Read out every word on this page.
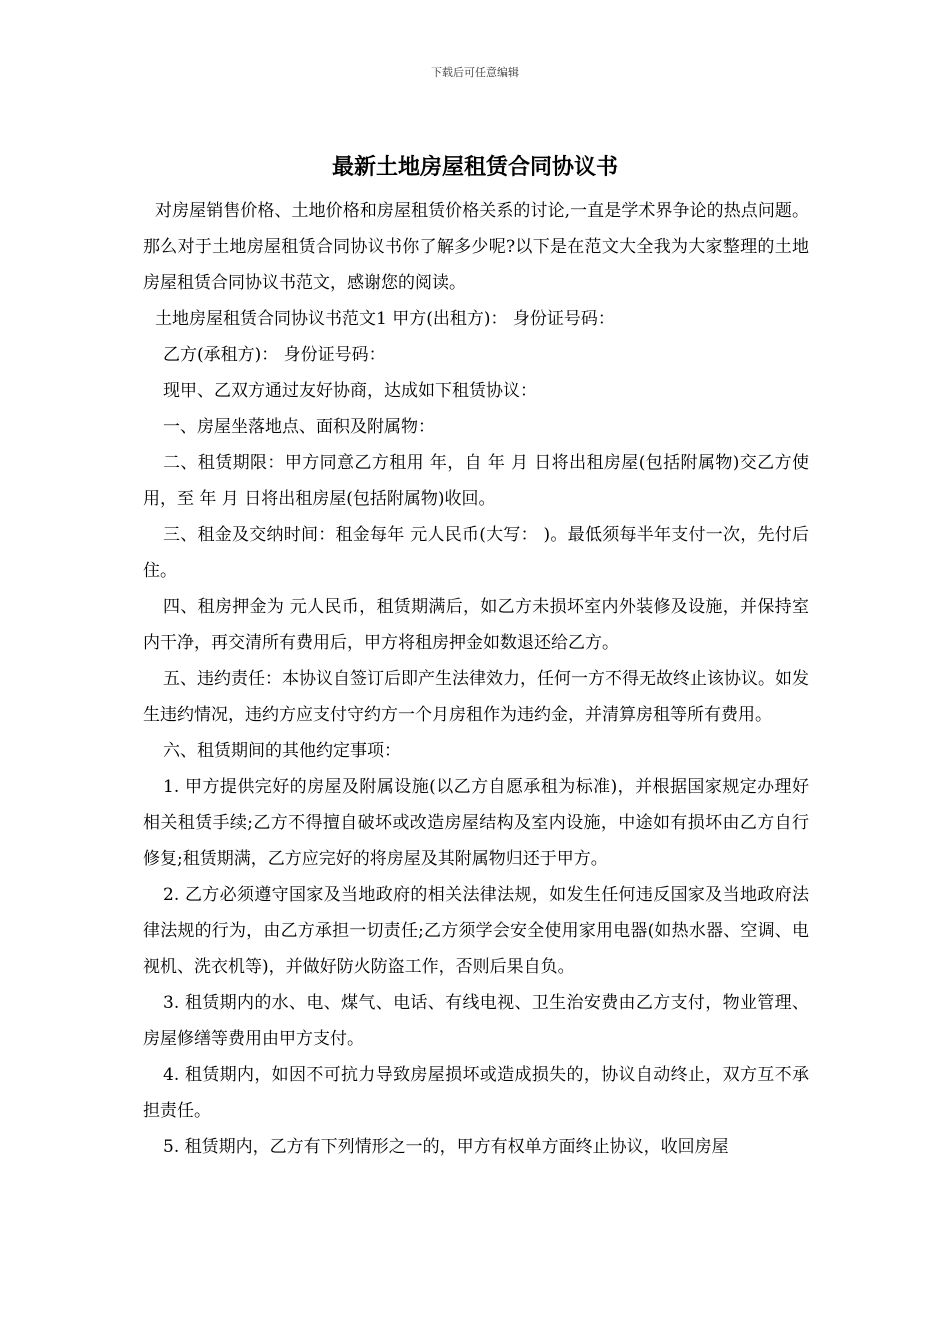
下载后可任意编辑
最新土地房屋租赁合同协议书

对房屋销售价格、土地价格和房屋租赁价格关系的讨论,一直是学术界争论的热点问题。那么对于土地房屋租赁合同协议书你了解多少呢?以下是在范文大全我为大家整理的土地房屋租赁合同协议书范文，感谢您的阅读。

土地房屋租赁合同协议书范文1 甲方(出租方)： 身份证号码：

乙方(承租方)： 身份证号码：

现甲、乙双方通过友好协商，达成如下租赁协议：

一、房屋坐落地点、面积及附属物：

二、租赁期限：甲方同意乙方租用 年，自 年 月 日将出租房屋(包括附属物)交乙方使用，至 年 月 日将出租房屋(包括附属物)收回。

三、租金及交纳时间：租金每年 元人民币(大写： )。最低须每半年支付一次，先付后住。

四、租房押金为 元人民币，租赁期满后，如乙方未损坏室内外装修及设施，并保持室内干净，再交清所有费用后，甲方将租房押金如数退还给乙方。

五、违约责任：本协议自签订后即产生法律效力，任何一方不得无故终止该协议。如发生违约情况，违约方应支付守约方一个月房租作为违约金，并清算房租等所有费用。

六、租赁期间的其他约定事项：

1. 甲方提供完好的房屋及附属设施(以乙方自愿承租为标准)，并根据国家规定办理好相关租赁手续;乙方不得擅自破坏或改造房屋结构及室内设施，中途如有损坏由乙方自行修复;租赁期满，乙方应完好的将房屋及其附属物归还于甲方。

2. 乙方必须遵守国家及当地政府的相关法律法规，如发生任何违反国家及当地政府法律法规的行为，由乙方承担一切责任;乙方须学会安全使用家用电器(如热水器、空调、电视机、洗衣机等)，并做好防火防盗工作，否则后果自负。

3. 租赁期内的水、电、煤气、电话、有线电视、卫生治安费由乙方支付，物业管理、房屋修缮等费用由甲方支付。

4. 租赁期内，如因不可抗力导致房屋损坏或造成损失的，协议自动终止，双方互不承担责任。

5. 租赁期内，乙方有下列情形之一的，甲方有权单方面终止协议，收回房屋
